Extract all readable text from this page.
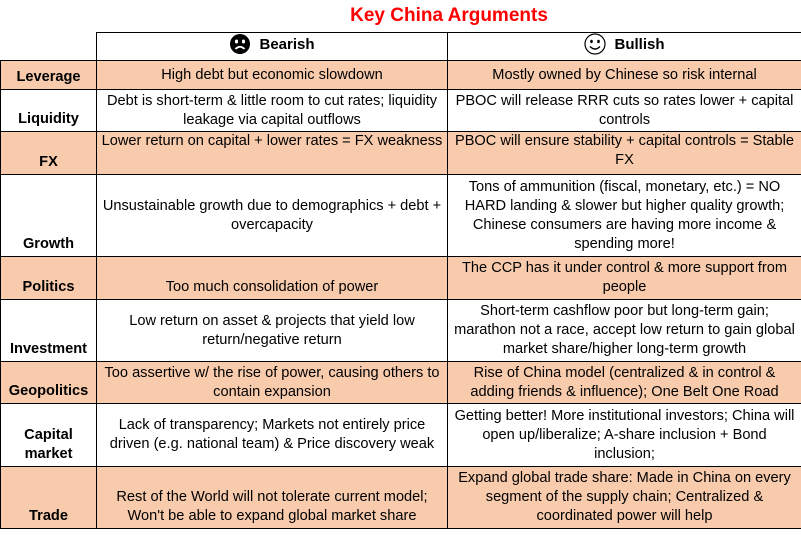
Key China Arguments

	Bearish	Bullish

Leverage	High debt but economic slowdown	Mostly owned by Chinese so risk internal
Liquidity	Debt is short-term & little room to cut rates; liquidity leakage via capital outflows	PBOC will release RRR cuts so rates lower + capital controls
FX	Lower return on capital + lower rates = FX weakness	PBOC will ensure stability + capital controls = Stable FX
Growth	Unsustainable growth due to demographics + debt + overcapacity	Tons of ammunition (fiscal, monetary, etc.) = NO HARD landing & slower but higher quality growth; Chinese consumers are having more income & spending more!
Politics	Too much consolidation of power	The CCP has it under control & more support from people
Investment	Low return on asset & projects that yield low return/negative return	Short-term cashflow poor but long-term gain; marathon not a race, accept low return to gain global market share/higher long-term growth
Geopolitics	Too assertive w/ the rise of power, causing others to contain expansion	Rise of China model (centralized & in control & adding friends & influence); One Belt One Road
Capital market	Lack of transparency; Markets not entirely price driven (e.g. national team) & Price discovery weak	Getting better! More institutional investors; China will open up/liberalize; A-share inclusion + Bond inclusion;
Trade	Rest of the World will not tolerate current model; Won't be able to expand global market share	Expand global trade share: Made in China on every segment of the supply chain; Centralized & coordinated power will help
